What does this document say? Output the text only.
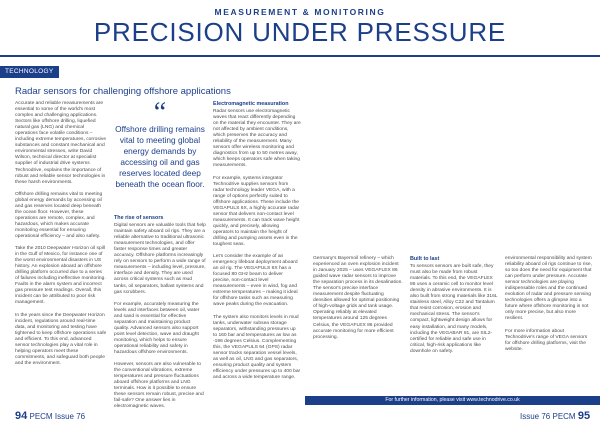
MEASUREMENT & MONITORING
PRECISION UNDER PRESSURE
TECHNOLOGY
Radar sensors for challenging offshore applications

Accurate and reliable measurements are essential to some of the world's most complex and challenging applications. Sectors like offshore drilling, liquefied natural gas (LNG) and chemical operations face volatile conditions – including extreme temperatures, corrosive substances and constant mechanical and environmental stresses, write David Wilson, technical director at specialist supplier of industrial drive systems Technodrive, explains the importance of robust and reliable sensor technologies in these harsh environments.

Offshore drilling remains vital to meeting global energy demands by accessing oil and gas reserves located deep beneath the ocean floor. However, these operations are remote, complex, and hazardous, which makes accurate monitoring essential for ensuring operational efficiency – and also safety.

Take the 2010 Deepwater Horizon oil spill in the Gulf of Mexico, for instance one of the worst environmental disasters in US history. An explosion aboard an offshore drilling platform occurred due to a series of failures including ineffective monitoring. Faults in the alarm system and incorrect gas pressure test readings. Overall, this incident can be attributed to poor risk management.

In the years since the Deepwater Horizon incident, regulations around real-time data, and monitoring and testing have tightened to keep offshore operations safe and efficient. To this end, advanced sensor technologies play a vital role in helping operators meet these commitments, and safeguard both people and the environment.

“
Offshore drilling remains vital to meeting global energy demands by accessing oil and gas reserves located deep beneath the ocean floor.
The rise of sensors

Digital sensors are valuable tools that help maintain safety aboard oil rigs. They are a reliable alternative to traditional ultrasonic measurement technologies, and offer faster response times and greater accuracy. Offshore platforms increasingly rely on sensors to perform a wide range of measurements – including level, pressure, interface and density. They are used across critical systems such as mud tanks, oil separators, ballast systems and gas scrubbers.

For example, accurately measuring the levels and interfaces between oil, water and sand is essential for effective separation and maintaining product quality. Advanced sensors also support point level detection, wave and draught monitoring, which helps to ensure operational reliability and safety in hazardous offshore environments.

However, sensors are also vulnerable to the conventional vibrations, extreme temperatures and pressure fluctuations aboard offshore platforms and LNG terminals. How is it possible to ensure these sensors remain robust, precise and fail-safe? One answer lies in electromagnetic waves.

Electromagnetic measuration

Radar sensors use electromagnetic waves that react differently depending on the material they encounter. They are not affected by ambient conditions, which preserves the accuracy and reliability of the measurement. Many sensors offer wireless monitoring and diagnostics from up to 50 metres away, which keeps operators safe when taking measurements.

For example, systems integrator Technodrive supplies sensors from radar technology leader VEGA, with a range of options perfectly suited to offshore applications. These include the VEGAPULS 6X, a highly accurate radar sensor that delivers non-contact level measurements. It can track wave height quickly, and precisely, allowing operators to maintain the height of drilling and pumping assets even in the toughest seas.

Let's consider the example of an emergency lifeboat deployment aboard an oil rig. The VEGAPULS 6X has a focused 80 GHz beam to deliver precise, non-contact level measurements – even in wind, fog and extreme temperatures – making it ideal for offshore tasks such as measuring wave peaks during the evacuation.

The system also monitors levels in mud tanks, underwater subsea storage separators, withstanding pressures up to 160 bar and temperatures as low as -196 degrees Celsius. Complementing this, the VEGAPULS 64 (GPS) radar sensor tracks separation vessel levels, as well as oil, LNG and gas separators, ensuring product quality and system efficiency under pressures up to 400 bar and across a wide temperature range.

Germany's Bayernoil refinery – which experienced an oven explosion incident in January 2025 – uses VEGAFLEX 86 guided wave radar sensors to improve the separation process in its desalination. The sensor's precise interface measurement despite fluctuating densities allowed for optimal positioning of high-voltage grids and tank usage. Operating reliably at elevated temperatures around 125 degrees Celsius, the VEGAFLEX 86 provided accurate monitoring for more efficient processing.

Built to last

To sensors sensors are built safe, they must also be made from robust materials. To this end, the VEGAFLEX 86 uses a ceramic cell to monitor level density in abrasive environments. It is also built from strong materials like 316L stainless steel, Alloy C22 and Tantalum that resist corrosion, erosion and mechanical stress. The sensor's compact, lightweight design allows for easy installation, and many models, including the VEGABAR 81, are SIL2-certified for reliable and safe use in critical, high-risk applications like downhole on safety.

environmental responsibility and system reliability aboard oil rigs continue to rise, so too does the need for equipment that can perform under pressure. Accurate sensor technologies are playing indispensable roles and the continued evolution of radar and pressure sensing technologies offers a glimpse into a future where offshore monitoring is not only more precise, but also more resilient.

For more information about Technodrive's range of VEGA sensors for offshore drilling platforms, visit the website.

For further information, please visit www.technodrive.co.uk
94 PECM Issue 76	Issue 76 PECM 95
